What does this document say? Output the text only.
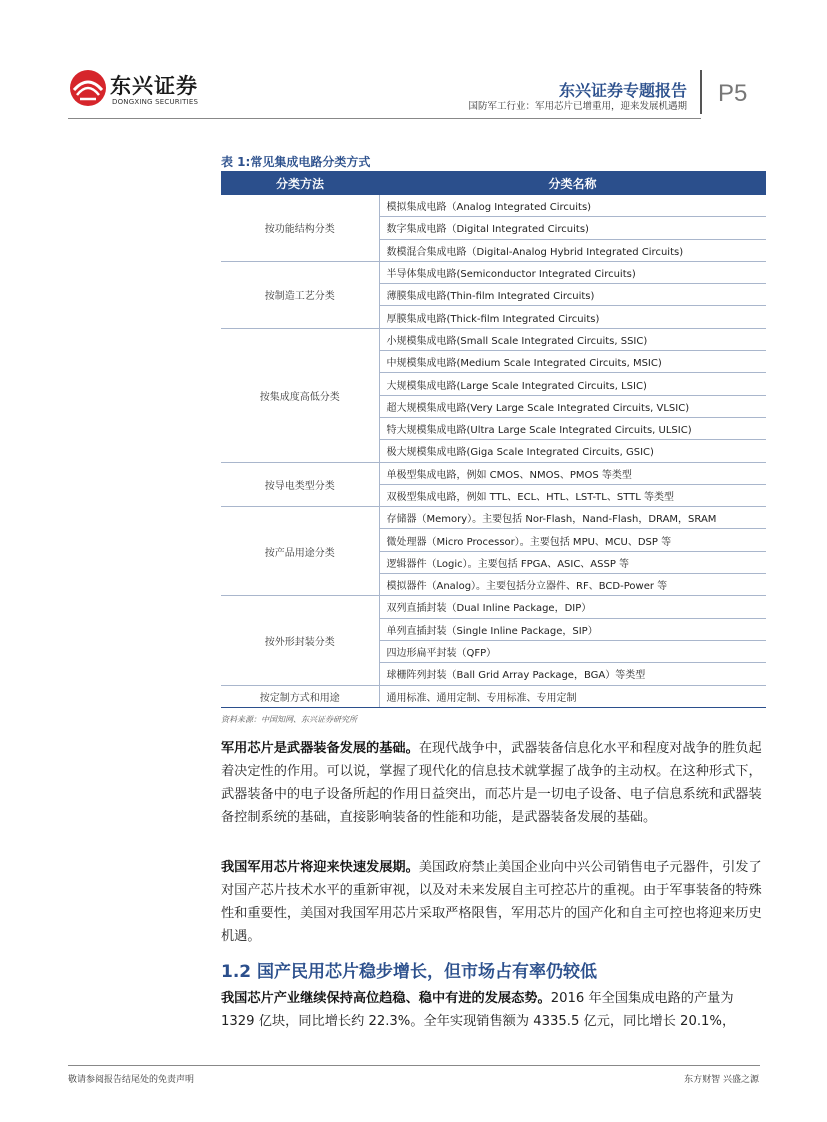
东兴证券
DONGXING SECURITIES
东兴证券专题报告
国防军工行业：军用芯片已增重用，迎来发展机遇期 P5
表 1:常见集成电路分类方式
分类方法	分类名称
按功能结构分类	模拟集成电路（Analog Integrated Circuits)
	数字集成电路（Digital Integrated Circuits)
	数模混合集成电路（Digital-Analog Hybrid Integrated Circuits)
按制造工艺分类	半导体集成电路(Semiconductor Integrated Circuits)
	薄膜集成电路(Thin-film Integrated Circuits)
	厚膜集成电路(Thick-film Integrated Circuits)
按集成度高低分类	小规模集成电路(Small Scale Integrated Circuits, SSIC)
	中规模集成电路(Medium Scale Integrated Circuits, MSIC)
	大规模集成电路(Large Scale Integrated Circuits, LSIC)
	超大规模集成电路(Very Large Scale Integrated Circuits, VLSIC)
	特大规模集成电路(Ultra Large Scale Integrated Circuits, ULSIC)
	极大规模集成电路(Giga Scale Integrated Circuits, GSIC)
按导电类型分类	单极型集成电路，例如 CMOS、NMOS、PMOS 等类型
	双极型集成电路，例如 TTL、ECL、HTL、LST-TL、STTL 等类型
按产品用途分类	存储器（Memory）。主要包括 Nor-Flash，Nand-Flash，DRAM，SRAM
	微处理器（Micro Processor）。主要包括 MPU、MCU、DSP 等
	逻辑器件（Logic）。主要包括 FPGA、ASIC、ASSP 等
	模拟器件（Analog）。主要包括分立器件、RF、BCD-Power 等
按外形封装分类	双列直插封装（Dual Inline Package，DIP）
	单列直插封装（Single Inline Package，SIP）
	四边形扁平封装（QFP）
	球栅阵列封装（Ball Grid Array Package，BGA）等类型
按定制方式和用途	通用标准、通用定制、专用标准、专用定制
资料来源：中国知网、东兴证券研究所

军用芯片是武器装备发展的基础。在现代战争中，武器装备信息化水平和程度对战争的胜负起着决定性的作用。可以说，掌握了现代化的信息技术就掌握了战争的主动权。在这种形式下，武器装备中的电子设备所起的作用日益突出，而芯片是一切电子设备、电子信息系统和武器装备控制系统的基础，直接影响装备的性能和功能，是武器装备发展的基础。

我国军用芯片将迎来快速发展期。美国政府禁止美国企业向中兴公司销售电子元器件，引发了对国产芯片技术水平的重新审视，以及对未来发展自主可控芯片的重视。由于军事装备的特殊性和重要性，美国对我国军用芯片采取严格限售，军用芯片的国产化和自主可控也将迎来历史机遇。

1.2 国产民用芯片稳步增长，但市场占有率仍较低

我国芯片产业继续保持高位趋稳、稳中有进的发展态势。2016 年全国集成电路的产量为 1329 亿块，同比增长约 22.3%。全年实现销售额为 4335.5 亿元，同比增长 20.1%，

敬请参阅报告结尾处的免责声明	东方财智 兴盛之源
